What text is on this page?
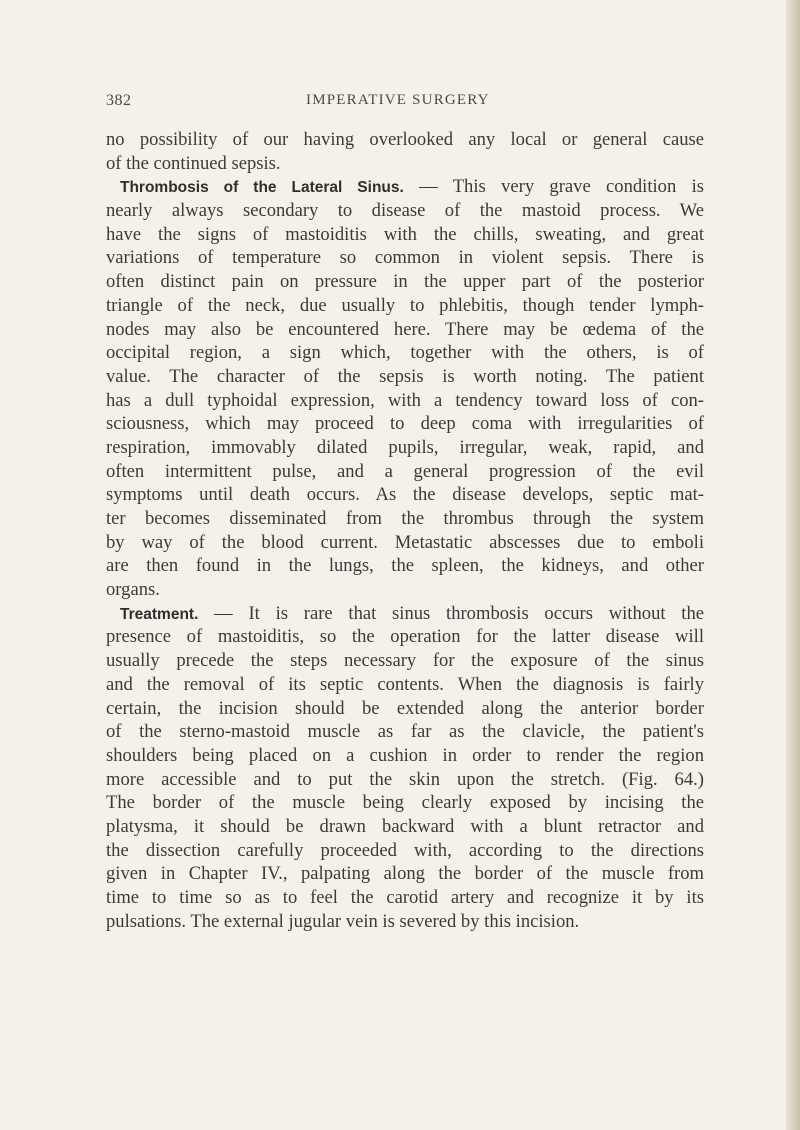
382	IMPERATIVE SURGERY
no possibility of our having overlooked any local or general cause
of the continued sepsis.
Thrombosis of the Lateral Sinus. — This very grave condition is
nearly always secondary to disease of the mastoid process. We
have the signs of mastoiditis with the chills, sweating, and great
variations of temperature so common in violent sepsis. There is
often distinct pain on pressure in the upper part of the posterior
triangle of the neck, due usually to phlebitis, though tender lymph-
nodes may also be encountered here. There may be œdema of the
occipital region, a sign which, together with the others, is of
value. The character of the sepsis is worth noting. The patient
has a dull typhoidal expression, with a tendency toward loss of con-
sciousness, which may proceed to deep coma with irregularities of
respiration, immovably dilated pupils, irregular, weak, rapid, and
often intermittent pulse, and a general progression of the evil
symptoms until death occurs. As the disease develops, septic mat-
ter becomes disseminated from the thrombus through the system
by way of the blood current. Metastatic abscesses due to emboli
are then found in the lungs, the spleen, the kidneys, and other
organs.
Treatment. — It is rare that sinus thrombosis occurs without the
presence of mastoiditis, so the operation for the latter disease will
usually precede the steps necessary for the exposure of the sinus
and the removal of its septic contents. When the diagnosis is fairly
certain, the incision should be extended along the anterior border
of the sterno-mastoid muscle as far as the clavicle, the patient's
shoulders being placed on a cushion in order to render the region
more accessible and to put the skin upon the stretch. (Fig. 64.)
The border of the muscle being clearly exposed by incising the
platysma, it should be drawn backward with a blunt retractor and
the dissection carefully proceeded with, according to the directions
given in Chapter IV., palpating along the border of the muscle from
time to time so as to feel the carotid artery and recognize it by its
pulsations. The external jugular vein is severed by this incision.
